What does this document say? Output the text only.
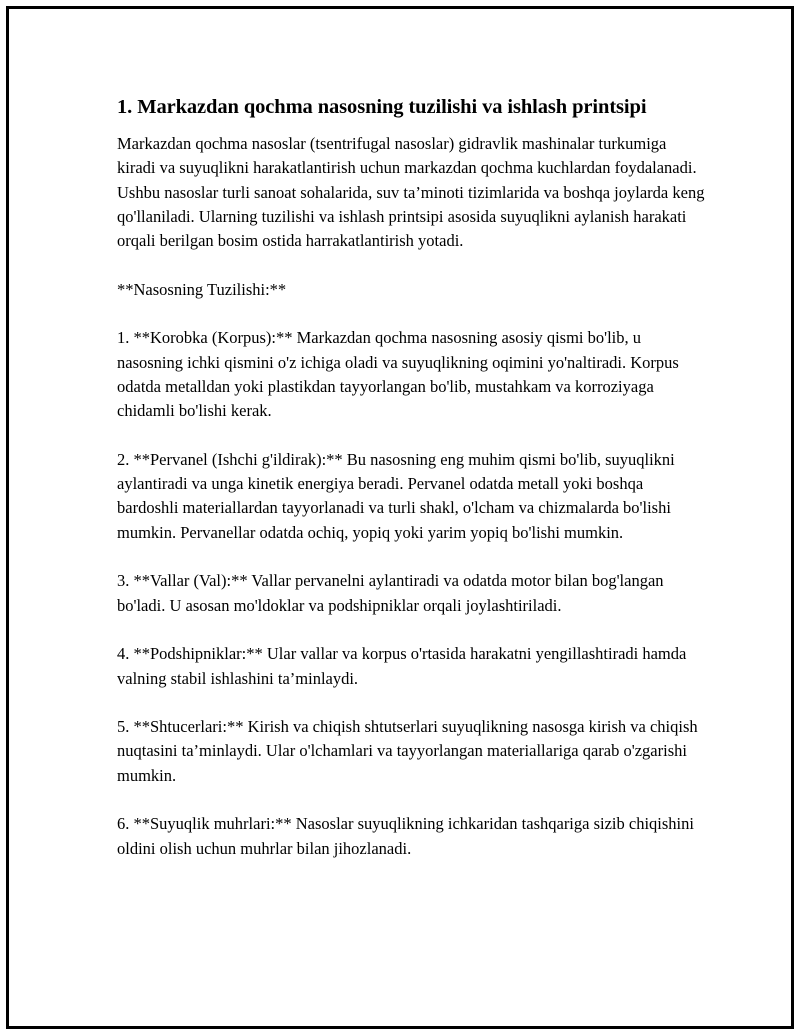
1. Markazdan qochma nasosning tuzilishi va ishlash printsipi

Markazdan qochma nasoslar (tsentrifugal nasoslar) gidravlik mashinalar turkumiga kiradi va suyuqlikni harakatlantirish uchun markazdan qochma kuchlardan foydalanadi. Ushbu nasoslar turli sanoat sohalarida, suv ta’minoti tizimlarida va boshqa joylarda keng qo'llaniladi. Ularning tuzilishi va ishlash printsipi asosida suyuqlikni aylanish harakati orqali berilgan bosim ostida harrakatlantirish yotadi.

**Nasosning Tuzilishi:**

1. **Korobka (Korpus):** Markazdan qochma nasosning asosiy qismi bo'lib, u nasosning ichki qismini o'z ichiga oladi va suyuqlikning oqimini yo'naltiradi. Korpus odatda metalldan yoki plastikdan tayyorlangan bo'lib, mustahkam va korroziyaga chidamli bo'lishi kerak.

2. **Pervanel (Ishchi g'ildirak):** Bu nasosning eng muhim qismi bo'lib, suyuqlikni aylantiradi va unga kinetik energiya beradi. Pervanel odatda metall yoki boshqa bardoshli materiallardan tayyorlanadi va turli shakl, o'lcham va chizmalarda bo'lishi mumkin. Pervanellar odatda ochiq, yopiq yoki yarim yopiq bo'lishi mumkin.

3. **Vallar (Val):** Vallar pervanelni aylantiradi va odatda motor bilan bog'langan bo'ladi. U asosan mo'ldoklar va podshipniklar orqali joylashtiriladi.

4. **Podshipniklar:** Ular vallar va korpus o'rtasida harakatni yengillashtiradi hamda valning stabil ishlashini ta’minlaydi.

5. **Shtucerlari:** Kirish va chiqish shtutserlari suyuqlikning nasosga kirish va chiqish nuqtasini ta’minlaydi. Ular o'lchamlari va tayyorlangan materiallariga qarab o'zgarishi mumkin.

6. **Suyuqlik muhrlari:** Nasoslar suyuqlikning ichkaridan tashqariga sizib chiqishini oldini olish uchun muhrlar bilan jihozlanadi.
